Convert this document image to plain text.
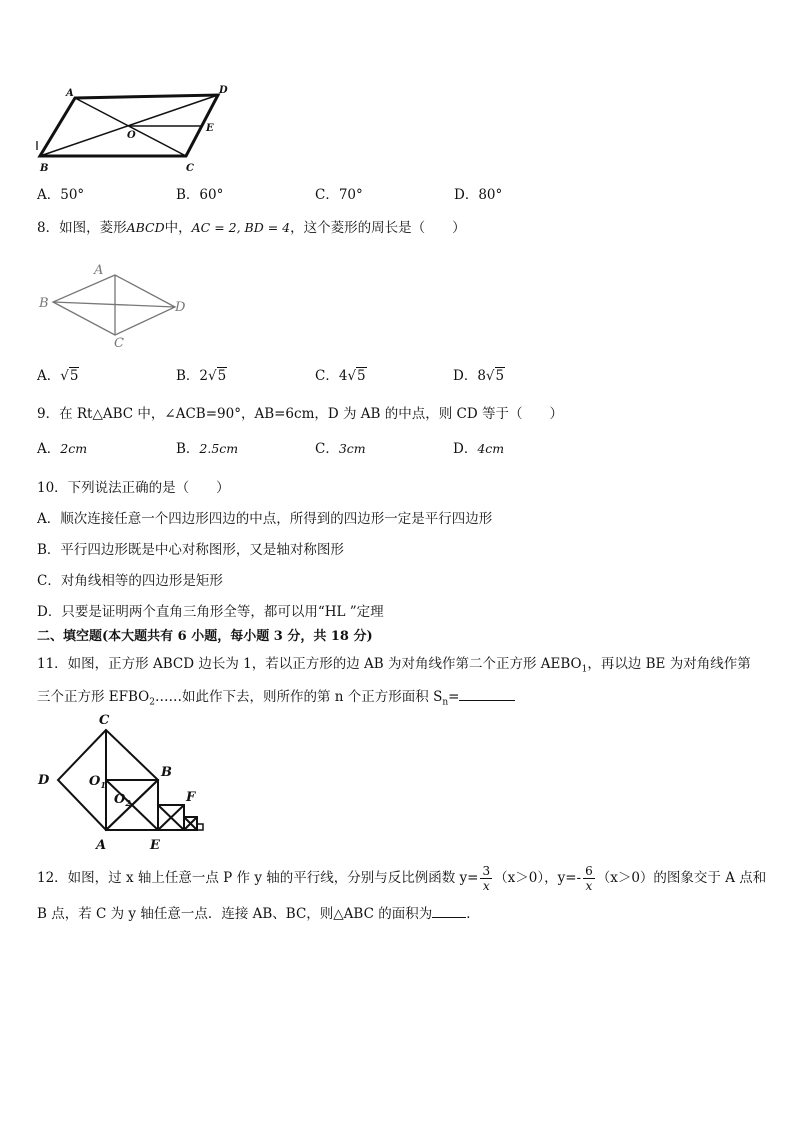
A	D
O
E
B	C
A．50°	B．60°	C．70°	D．80°
8．如图，菱形ABCD中，AC = 2, BD = 4，这个菱形的周长是（　　）
A
B
C
D
A．√5	B．2√5	C．4√5	D．8√5
9．在 Rt△ABC 中，∠ACB=90°，AB=6cm，D 为 AB 的中点，则 CD 等于（　　）
A．2cm	B．2.5cm	C．3cm	D．4cm
10．下列说法正确的是（　　）
A．顺次连接任意一个四边形四边的中点，所得到的四边形一定是平行四边形
B．平行四边形既是中心对称图形，又是轴对称图形
C．对角线相等的四边形是矩形
D．只要是证明两个直角三角形全等，都可以用“HL ”定理
二、填空题(本大题共有 6 小题，每小题 3 分，共 18 分)
11．如图，正方形 ABCD 边长为 1，若以正方形的边 AB 为对角线作第二个正方形 $AEBO_1$，再以边 BE 为对角线作第
三个正方形 $EFBO_2\dots\dots$如此作下去，则所作的第 n 个正方形面积 $S_n=$
C
D	$O_1$
B
$O_2$	F
A	E
12．如图，过 x 轴上任意一点 P 作 y 轴的平行线，分别与反比例函数 $y= \frac{3}{x} (x>0)$，$y=- \frac{6}{x} (x>0)$的图象交于 A 点和
B 点，若 C 为 y 轴任意一点．连接 AB、BC，则△ABC 的面积为	．
